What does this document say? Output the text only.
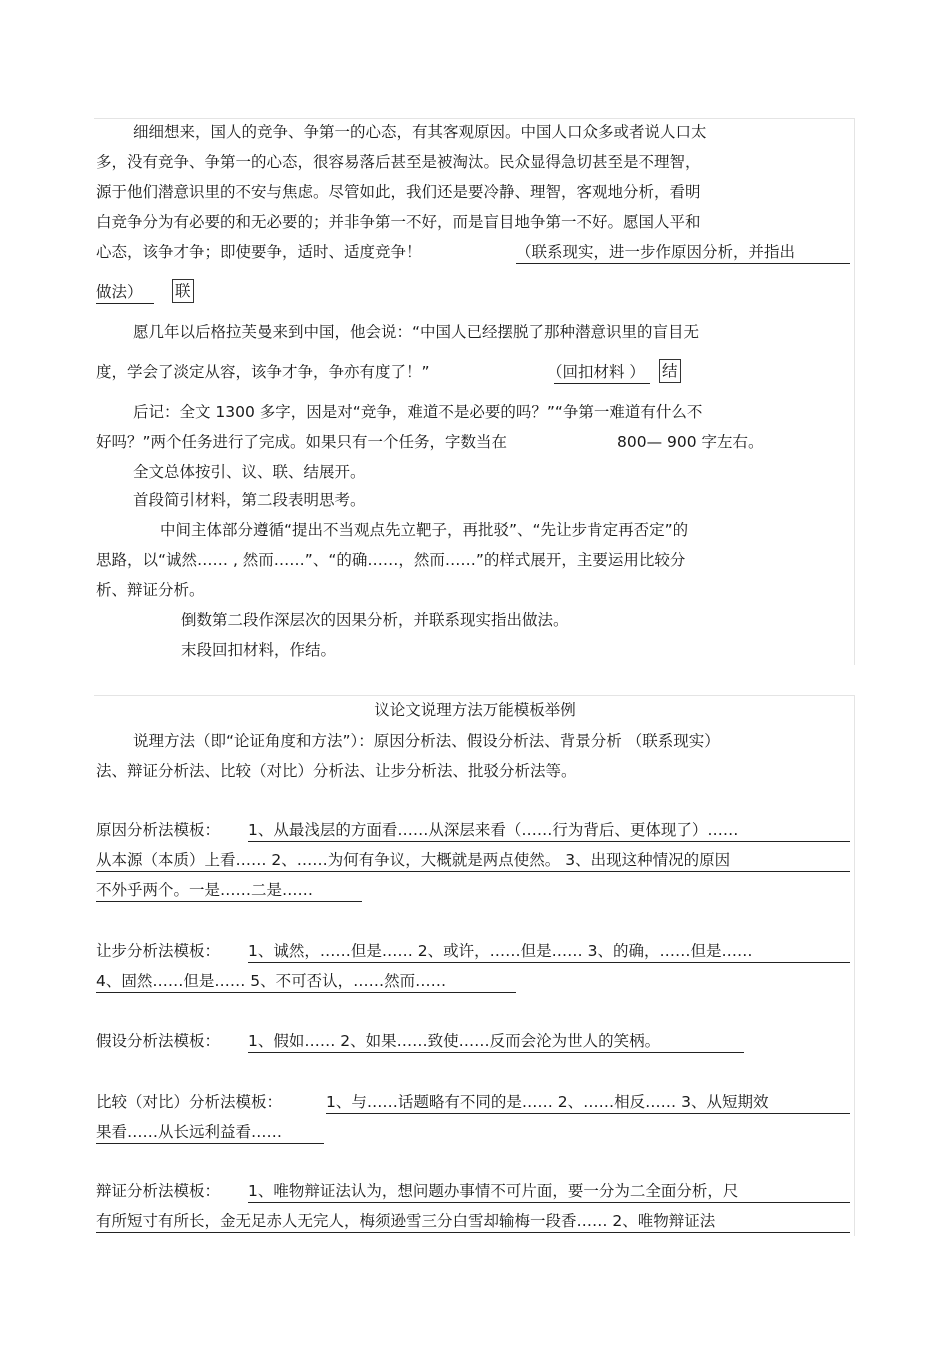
细细想来，国人的竞争、争第一的心态，有其客观原因。中国人口众多或者说人口太
多，没有竞争、争第一的心态，很容易落后甚至是被淘汰。民众显得急切甚至是不理智，
源于他们潜意识里的不安与焦虑。尽管如此，我们还是要冷静、理智，客观地分析，看明
白竞争分为有必要的和无必要的；并非争第一不好，而是盲目地争第一不好。愿国人平和
心态，该争才争；即使要争，适时、适度竞争！	（联系现实，进一步作原因分析，并指出
做法） 联
愿几年以后格拉芙曼来到中国，他会说：“中国人已经摆脱了那种潜意识里的盲目无
度，学会了淡定从容，该争才争，争亦有度了！”	（回扣材料 ） 结
后记：全文 1300 多字，因是对“竞争，难道不是必要的吗？”“争第一难道有什么不
好吗？”两个任务进行了完成。如果只有一个任务，字数当在	800— 900 字左右。
全文总体按引、议、联、结展开。
首段简引材料，第二段表明思考。
中间主体部分遵循“提出不当观点先立靶子，再批驳”、“先让步肯定再否定”的
思路，以“诚然…… , 然而……”、“的确……，然而……”的样式展开，主要运用比较分
析、辩证分析。
倒数第二段作深层次的因果分析，并联系现实指出做法。
末段回扣材料，作结。
议论文说理方法万能模板举例
说理方法（即“论证角度和方法”）：原因分析法、假设分析法、背景分析 （联系现实）
法、辩证分析法、比较（对比）分析法、让步分析法、批驳分析法等。
原因分析法模板： 1、从最浅层的方面看……从深层来看（……行为背后、更体现了）……
从本源（本质）上看…… 2、……为何有争议，大概就是两点使然。 3、出现这种情况的原因
不外乎两个。一是……二是……
让步分析法模板： 1、诚然，……但是…… 2、或许，……但是…… 3、的确，……但是……
4、固然……但是…… 5、不可否认，……然而……
假设分析法模板： 1、假如…… 2、如果……致使……反而会沦为世人的笑柄。
比较（对比）分析法模板：	1、与……话题略有不同的是…… 2、……相反…… 3、从短期效
果看……从长远利益看……
辩证分析法模板： 1、唯物辩证法认为，想问题办事情不可片面，要一分为二全面分析，尺
有所短寸有所长，金无足赤人无完人，梅须逊雪三分白雪却输梅一段香…… 2、唯物辩证法
